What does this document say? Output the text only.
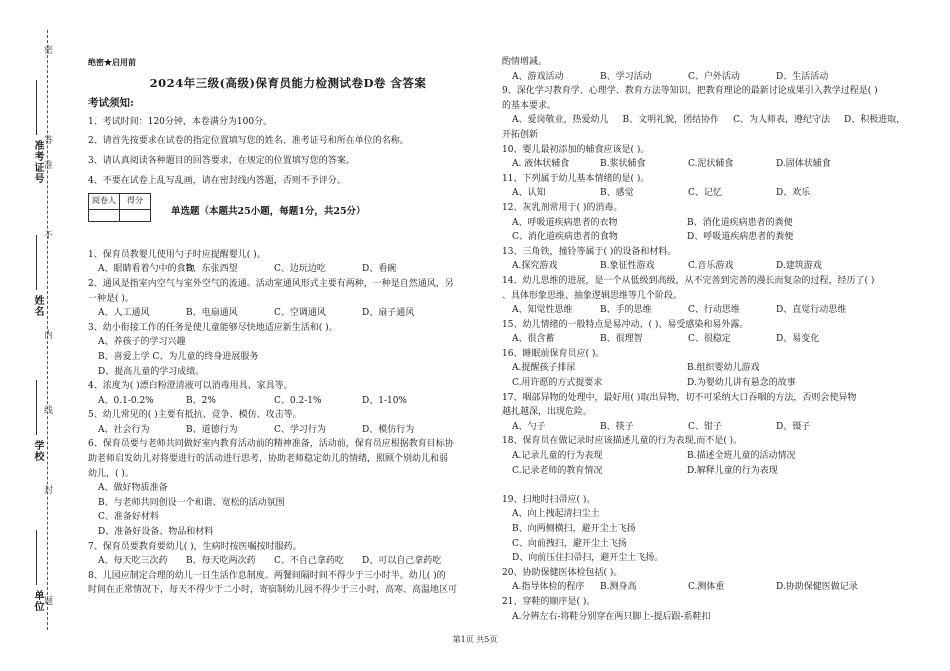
准考证号
姓名
学校
单位
密
封
线
内
不
准
答
题
绝密★启用前
2024年三级(高级)保育员能力检测试卷D卷 含答案
考试须知:
1、考试时间：120分钟，本卷满分为100分。
2、请首先按要求在试卷的指定位置填写您的姓名、准考证号和所在单位的名称。
3、请认真阅读各种题目的回答要求，在规定的位置填写您的答案。
4、不要在试卷上乱写乱画，请在密封线内答题，否则不予评分。
阅卷人	得分

单选题（本题共25小题，每题1分，共25分）
1、保育员教婴儿使用勺子时应提醒婴儿( )。
A、眼睛看着勺中的食物
B、东张西望	C、边玩边吃	D、看碗
2、通风是指室内空气与室外空气的流通。活动室通风形式主要有两种，一种是自然通风，另
一种是( )。
A、人工通风	B、电扇通风	C、空调通风	D、扇子通风
3、幼小衔接工作的任务是使儿童能够尽快地适应新生活和( )。
A、养孩子的学习兴趣
B、喜爱上学 C、为儿童的终身进展服务
D、提高儿童的学习成绩。
4、浓度为( )漂白粉澄清液可以消毒用具、家具等。
A、0.1-0.2%	B、2%	C、0.2-1%	D、1-10%
5、幼儿常见的( )主要有抵抗、竞争、模仿、攻击等。
A、社会行为	B、道德行为	C、学习行为	D、模仿行为
6、保育员要与老师共同做好室内教育活动前的精神准备，活动前，保育员应根据教育目标协
助老师启发幼儿对将要进行的活动进行思考，协助老师稳定幼儿的情绪，照顾个别幼儿和弱
幼儿，( )。
A、做好物质准备
B、与老师共同创设一个和谐、宽松的活动氛围
C、准备好材料
D、准备好设备、物品和材料
7、保育员要教育要幼儿( )，生病时按医嘱按时服药。
A、每天吃三次药	B、每天吃两次药	C、不自己拿药吃	D、可以自己拿药吃
8、儿园应制定合理的幼儿一日生活作息制度。两餐间隔时间不得少于三小时半。幼儿( )的
时间在正常情况下，每天不得少于二小时，寄宿制幼儿园不得少于三小时，高寒、高温地区可
酌情增减。
A、游戏活动	B、学习活动	C、户外活动	D、生活活动
9、深化学习教育学、心理学、教育方法等知识，把教育理论的最新讨论成果引入教学过程是( )
的基本要求。
A、爱岗敬业，热爱幼儿 B、文明礼貌，团结协作 C、为人师表，遵纪守法 D、积极进取，
开拓创新
10、婴儿最初添加的辅食应该是( )。
A. 液体状辅食	B.浆状辅食	C.泥状辅食	D.固体状辅食
11、下列属于幼儿基本情绪的是( )。
A、认知	B、感觉	C、记忆	D、欢乐
12、灰乳剂常用于( )的消毒。
A、呼吸道疾病患者的衣物	B、消化道疾病患者的粪便
C、消化道疾病患者的食物	D、呼吸道疾病患者的粪便
13、三角铁，撞铃等属于( )的设备和材料。
A.探究游戏	B.象征性游戏	C.音乐游戏	D.建筑游戏
14、幼儿思维的进展，是一个从低级到高级，从不完善到完善的漫长而复杂的过程，经历了( )
、具体形象思维、抽象逻辑思维等几个阶段。
A、知觉性思维	B、手的思维	C、行动思维	D、直觉行动思维
15、幼儿情绪的一般特点是易冲动、( )、易受感染和易外露。
A、很含蓄	B、很理智	C、很稳定	D、易变化
16、睡眠前保育员应( )。
A.提醒孩子排尿	B.组织婴幼儿游戏
C.用许愿的方式提要求	D.为婴幼儿讲有悬念的故事
17、咽部异物的处理中，最好用( )取出异物，切不可采纳大口吞咽的方法，否则会使异物
越扎越深，出现危险。
A、勺子	B、筷子	C、钳子	D、镊子
18、保育员在做记录时应该描述儿童的行为表现,而不是( )。
A.记录儿童的行为表现	B.描述全班儿童的活动情况
C.记录老师的教育情况	D.解释儿童的行为表现
19、扫地时扫帚应( )。
A、向上拽起清扫尘土
B、向两侧横扫，避开尘土飞扬
C、向前拽扫，避开尘土飞扬
D、向前压住扫帚扫，避开尘土飞扬。
20、协助保健医体检包括( )。
A.指导体检的程序	B.测身高	C.测体重	D.协助保健医做记录
21、穿鞋的顺序是( )。
A.分辨左右-将鞋分别穿在两只脚上-提后跟-系鞋扣
第1页 共5页
